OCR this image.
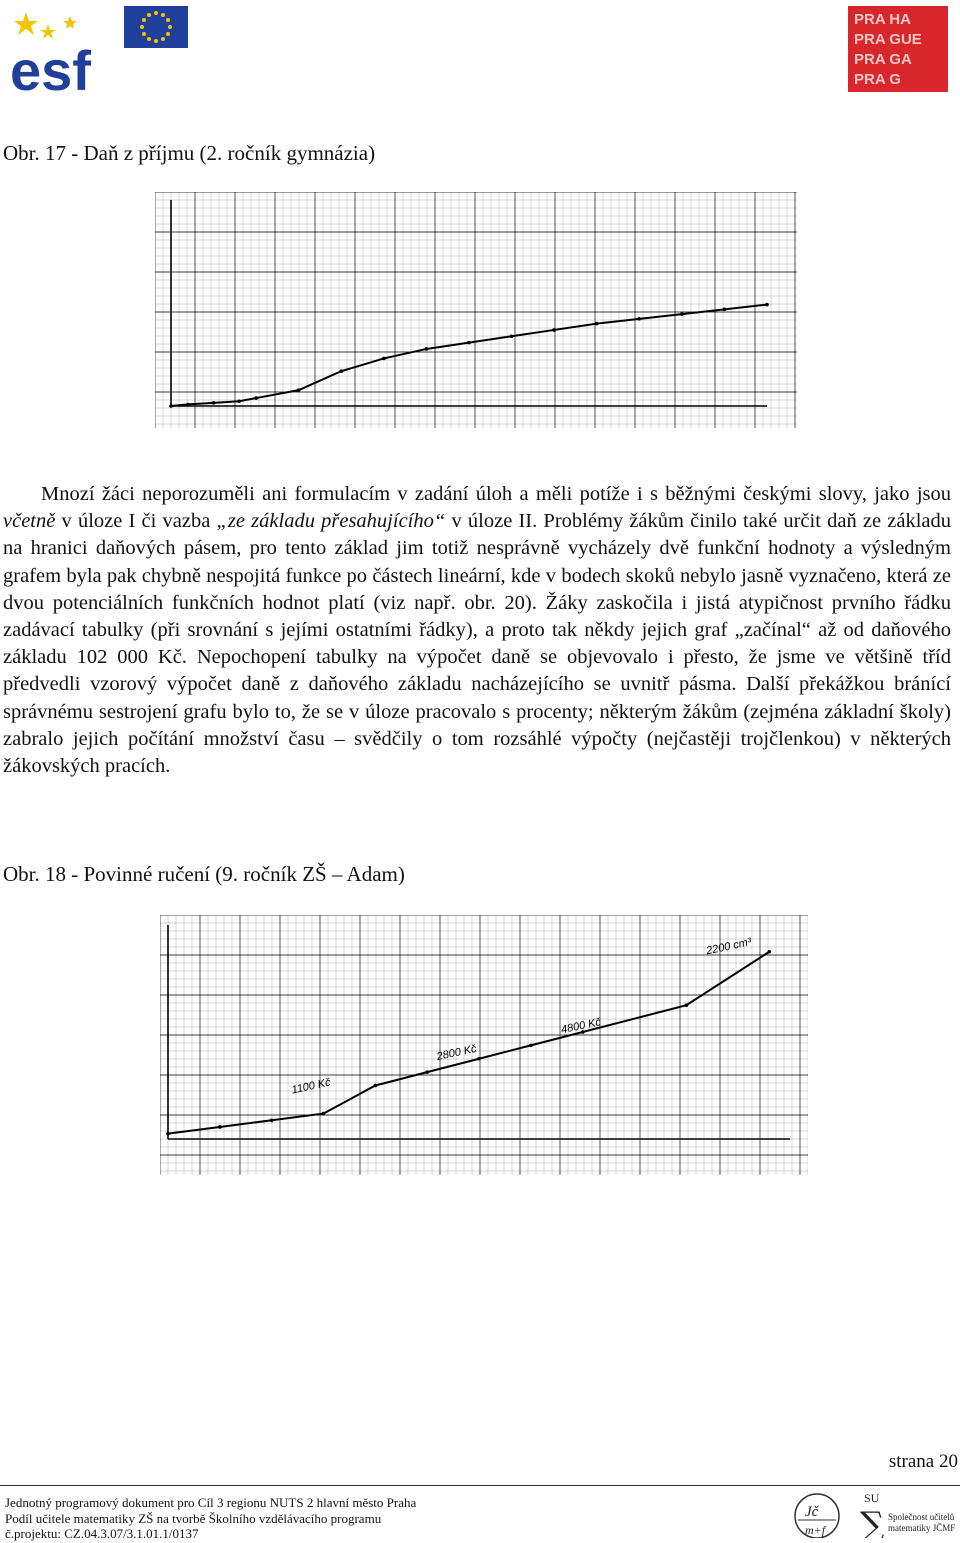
esf
PRA HA
PRA GUE
PRA GA
PRA G
Obr. 17 - Daň z příjmu (2. ročník gymnázia)

Mnozí žáci neporozuměli ani formulacím v zadání úloh a měli potíže i s běžnými českými slovy, jako jsou včetně v úloze I či vazba „ze základu přesahujícího“ v úloze II. Problémy žákům činilo také určit daň ze základu na hranici daňových pásem, pro tento základ jim totiž nesprávně vycházely dvě funkční hodnoty a výsledným grafem byla pak chybně nespojitá funkce po částech lineární, kde v bodech skoků nebylo jasně vyznačeno, která ze dvou potenciálních funkčních hodnot platí (viz např. obr. 20). Žáky zaskočila i jistá atypičnost prvního řádku zadávací tabulky (při srovnání s jejími ostatními řádky), a proto tak někdy jejich graf „začínal“ až od daňového základu 102 000 Kč. Nepochopení tabulky na výpočet daně se objevovalo i přesto, že jsme ve většině tříd předvedli vzorový výpočet daně z daňového základu nacházejícího se uvnitř pásma. Další překážkou bránící správnému sestrojení grafu bylo to, že se v úloze pracovalo s procenty; některým žákům (zejména základní školy) zabralo jejich počítání množství času – svědčily o tom rozsáhlé výpočty (nejčastěji trojčlenkou) v některých žákovských pracích.

Obr. 18 - Povinné ručení (9. ročník ZŠ – Adam)
1100 Kč
2800 Kč
4800 Kč
2200 cm³
strana 20
Jednotný programový dokument pro Cíl 3 regionu NUTS 2 hlavní město Praha
Podíl učitele matematiky ZŠ na tvorbě Školního vzdělávacího programu
č.projektu: CZ.04.3.07/3.1.01.1/0137
Jč
m+f
SU
∑ Společnost učitelů
matematiky JČMF
